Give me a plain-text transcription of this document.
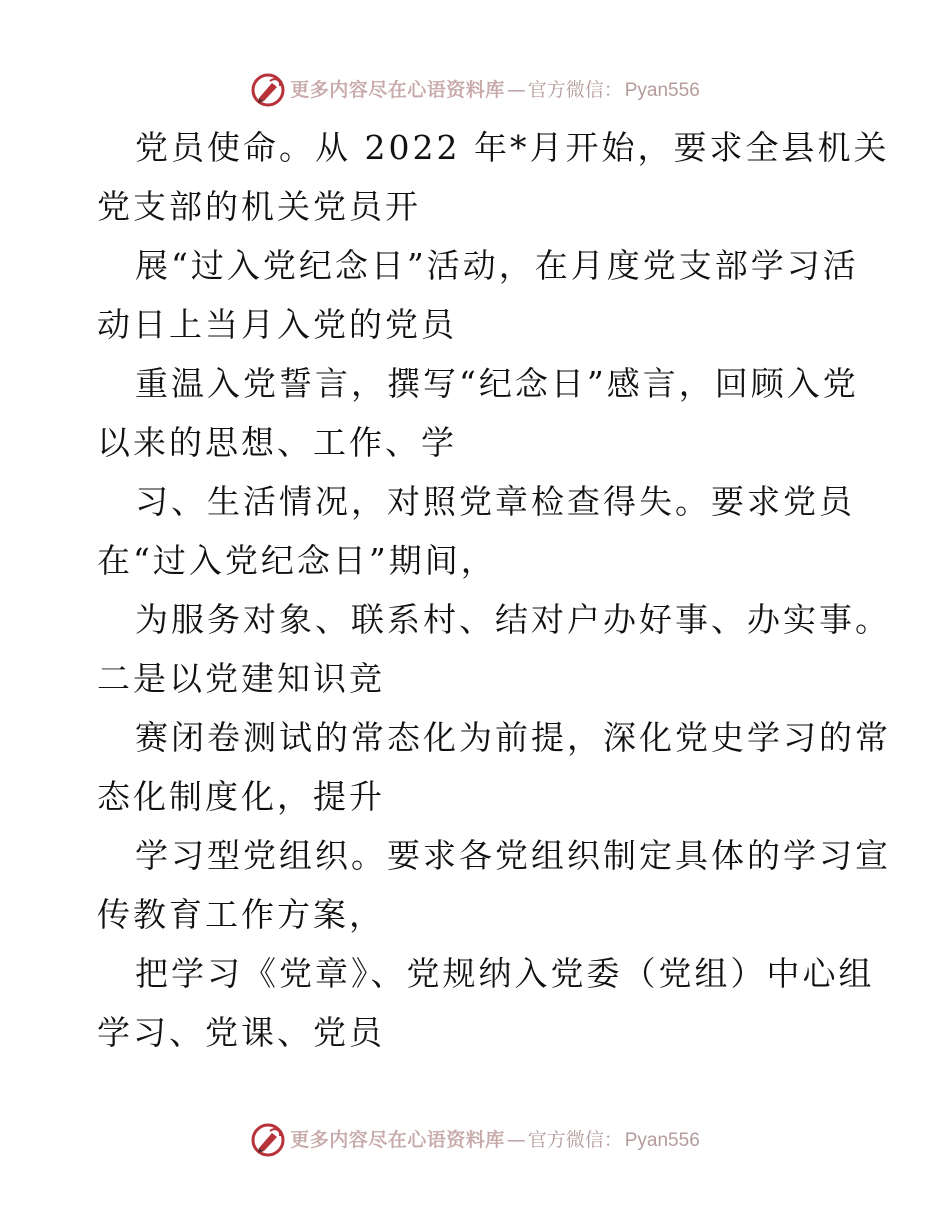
更多内容尽在心语资料库 — 官方微信： Pyan556
党员使命。从 2022 年*月开始，要求全县机关
党支部的机关党员开
展“过入党纪念日”活动，在月度党支部学习活
动日上当月入党的党员
重温入党誓言，撰写“纪念日”感言，回顾入党
以来的思想、工作、学
习、生活情况，对照党章检查得失。要求党员
在“过入党纪念日”期间，
为服务对象、联系村、结对户办好事、办实事。
二是以党建知识竞
赛闭卷测试的常态化为前提，深化党史学习的常
态化制度化，提升
学习型党组织。要求各党组织制定具体的学习宣
传教育工作方案，
把学习《党章》、党规纳入党委（党组）中心组
学习、党课、党员
更多内容尽在心语资料库 — 官方微信： Pyan556
